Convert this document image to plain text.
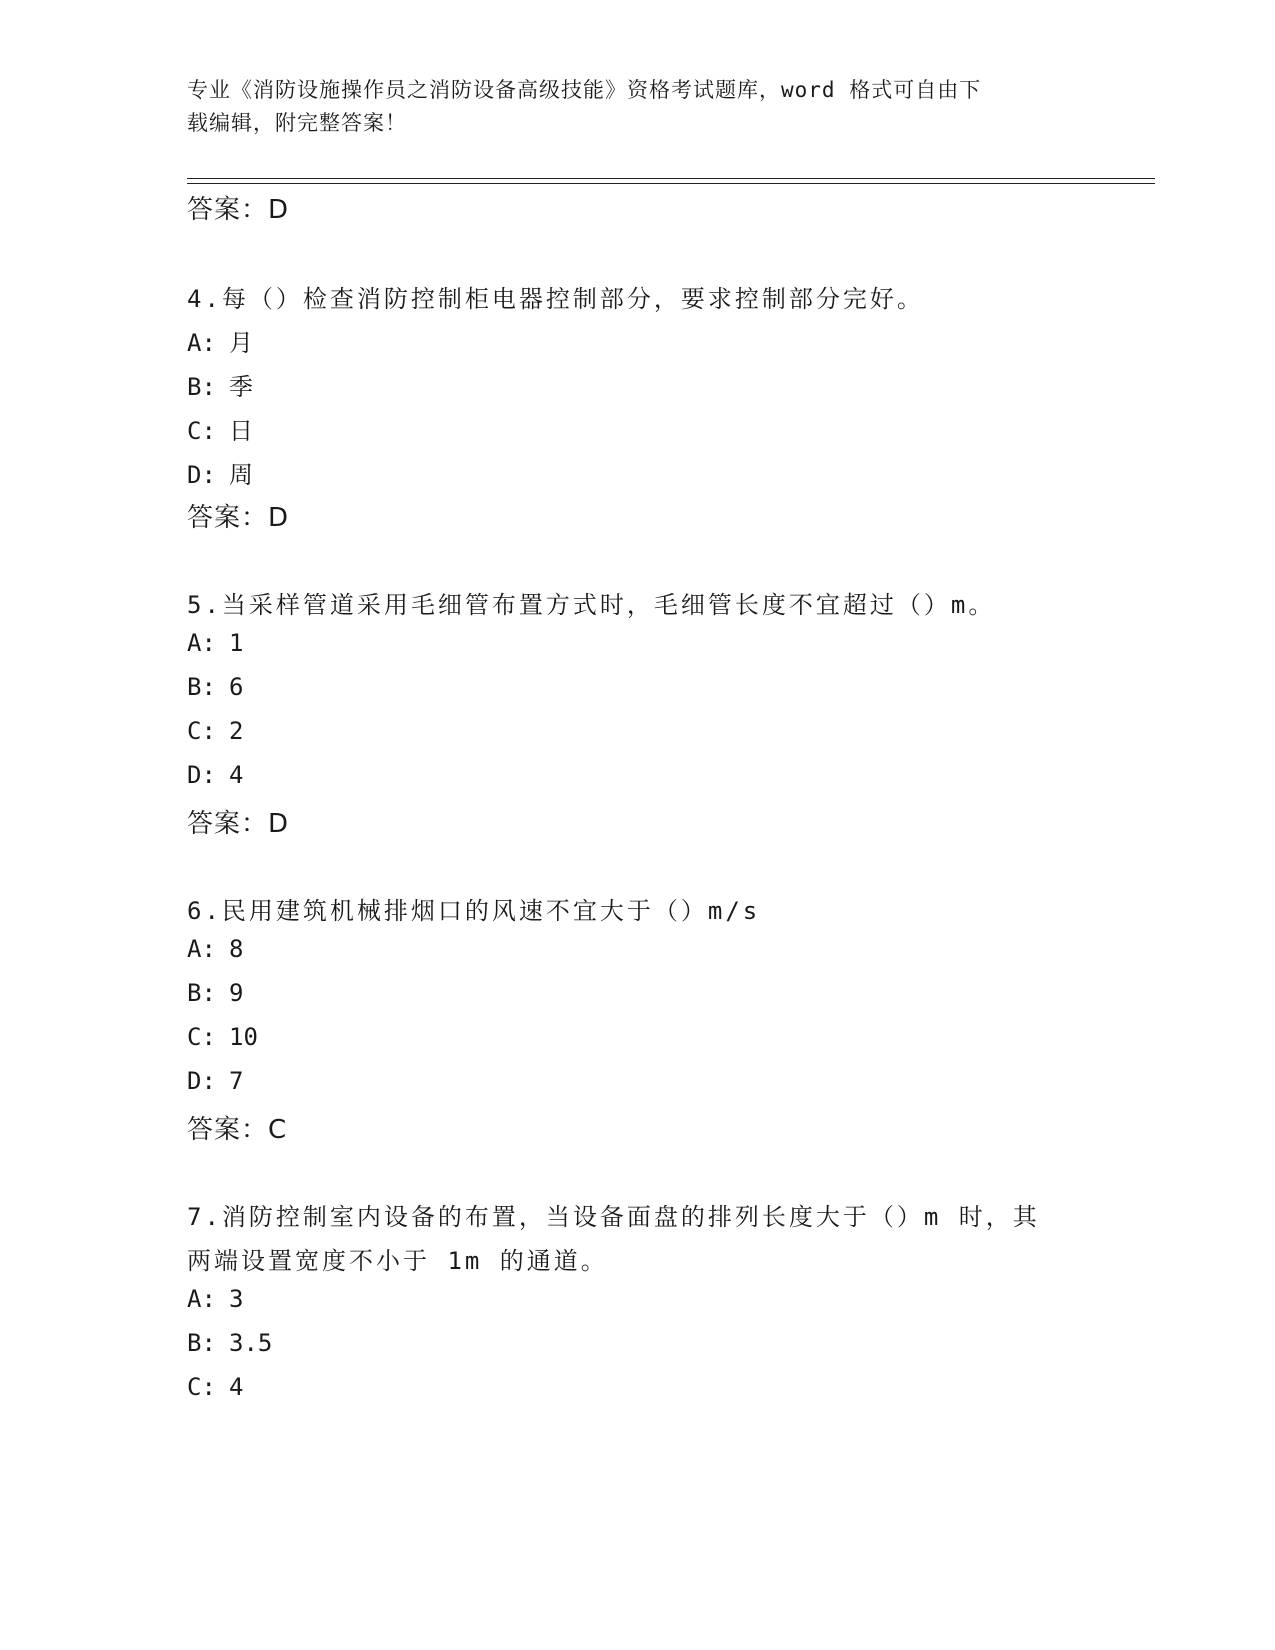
专业《消防设施操作员之消防设备高级技能》资格考试题库，word 格式可自由下
载编辑，附完整答案！
答案：D
4.每（）检查消防控制柜电器控制部分，要求控制部分完好。
A: 月
B: 季
C: 日
D: 周
答案：D
5.当采样管道采用毛细管布置方式时，毛细管长度不宜超过（）m。
A: 1
B: 6
C: 2
D: 4
答案：D
6.民用建筑机械排烟口的风速不宜大于（）m/s
A: 8
B: 9
C: 10
D: 7
答案：C
7.消防控制室内设备的布置，当设备面盘的排列长度大于（）m 时，其
两端设置宽度不小于 1m 的通道。
A: 3
B: 3.5
C: 4
